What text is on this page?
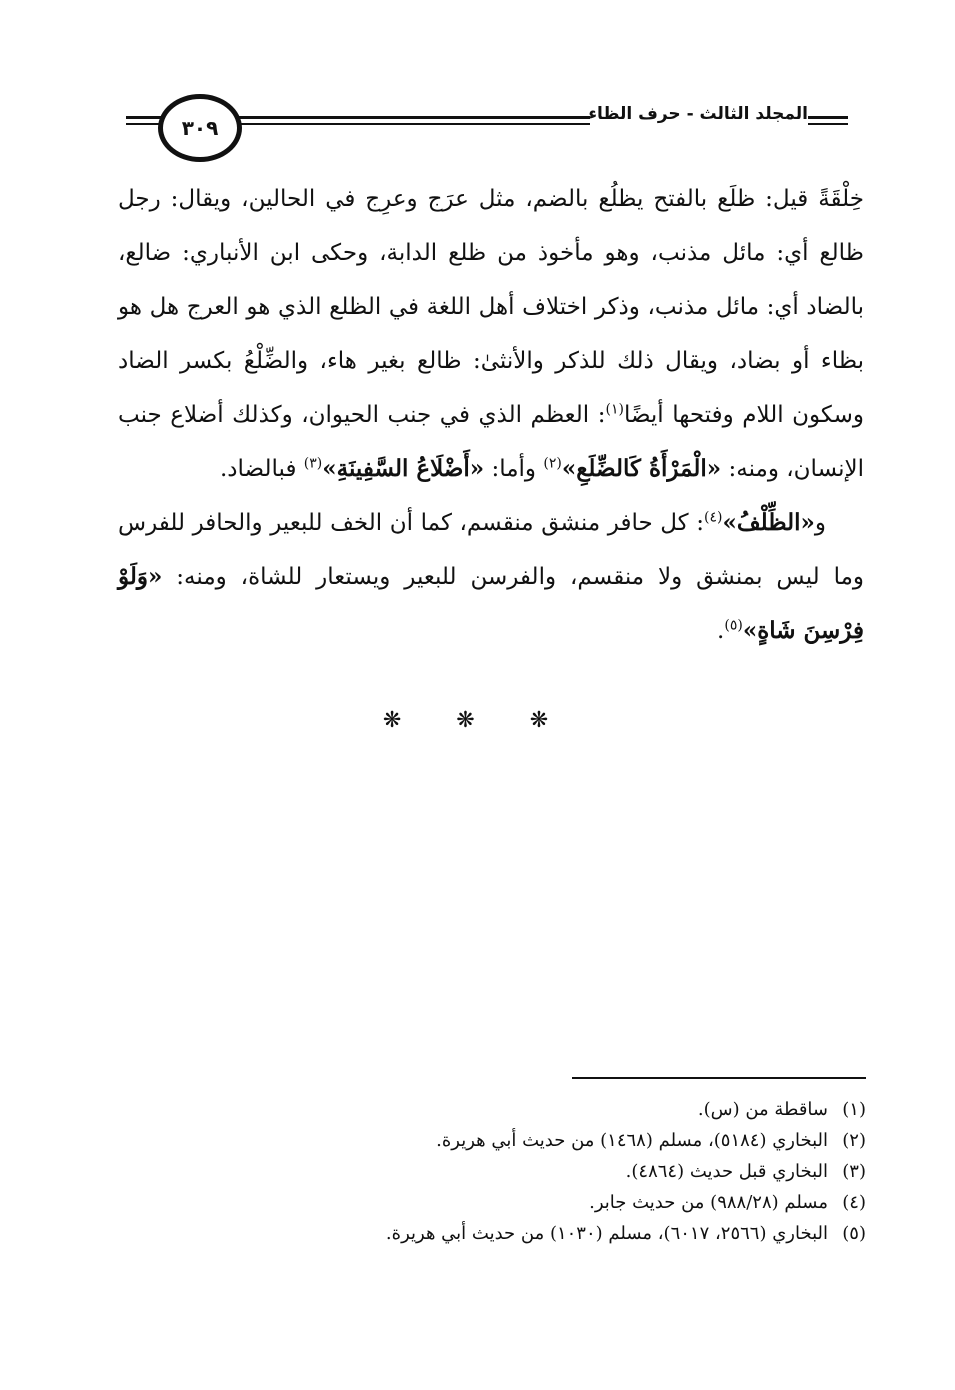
٣٠٩
المجلد الثالث - حرف الظاء

خِلْقَةً قيل: ظلَع بالفتح يظلُع بالضم، مثل عرَج وعرِج في الحالين، ويقال: رجل ظالع أي: مائل مذنب، وهو مأخوذ من ظلع الدابة، وحكى ابن الأنباري: ضالع، بالضاد أي: مائل مذنب، وذكر اختلاف أهل اللغة في الظلع الذي هو العرج هل هو بظاء أو بضاد، ويقال ذلك للذكر والأنثىٰ: ظالع بغير هاء، والضِّلْعُ بكسر الضاد وسكون اللام وفتحها أيضًا$^{(١)}$: العظم الذي في جنب الحيوان، وكذلك أضلاع جنب الإنسان، ومنه: «الْمَرْأَةُ كَالضِّلَعِ»$^{(٢)}$ وأما: «أَضْلَاعُ السَّفِينَةِ»$^{(٣)}$ فبالضاد.

و«الظِّلْفُ»$^{(٤)}$: كل حافر منشق منقسم، كما أن الخف للبعير والحافر للفرس وما ليس بمنشق ولا منقسم، والفرسن للبعير ويستعار للشاة، ومنه: «وَلَوْ فِرْسِنَ شَاةٍ»$^{(٥)}$.

❋ ❋ ❋
(١)ساقطة من (س).
(٢)البخاري (٥١٨٤)، مسلم (١٤٦٨) من حديث أبي هريرة.
(٣)البخاري قبل حديث (٤٨٦٤).
(٤)مسلم (٩٨٨/٢٨) من حديث جابر.
(٥)البخاري (٢٥٦٦، ٦٠١٧)، مسلم (١٠٣٠) من حديث أبي هريرة.
